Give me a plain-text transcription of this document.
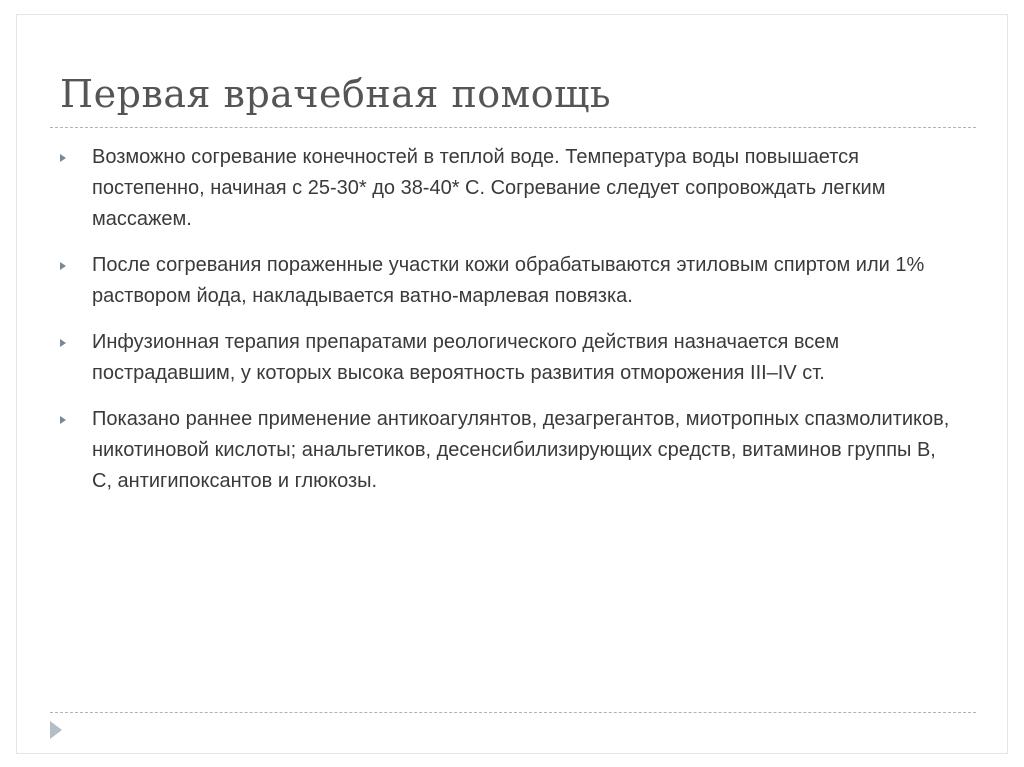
Первая врачебная помощь
Возможно согревание конечностей в теплой воде. Температура воды повышается постепенно, начиная с 25-30* до 38-40* С. Согревание следует сопровождать легким массажем.
После согревания пораженные участки кожи обрабатываются этиловым спиртом или 1% раствором йода, накладывается ватно-марлевая повязка.
Инфузионная терапия препаратами реологического действия назначается всем пострадавшим, у которых высока вероятность развития отморожения III–IV ст.
Показано раннее применение антикоагулянтов, дезагрегантов, миотропных спазмолитиков, никотиновой кислоты; анальгетиков, десенсибилизирующих средств, витаминов группы В, С, антигипоксантов и глюкозы.
